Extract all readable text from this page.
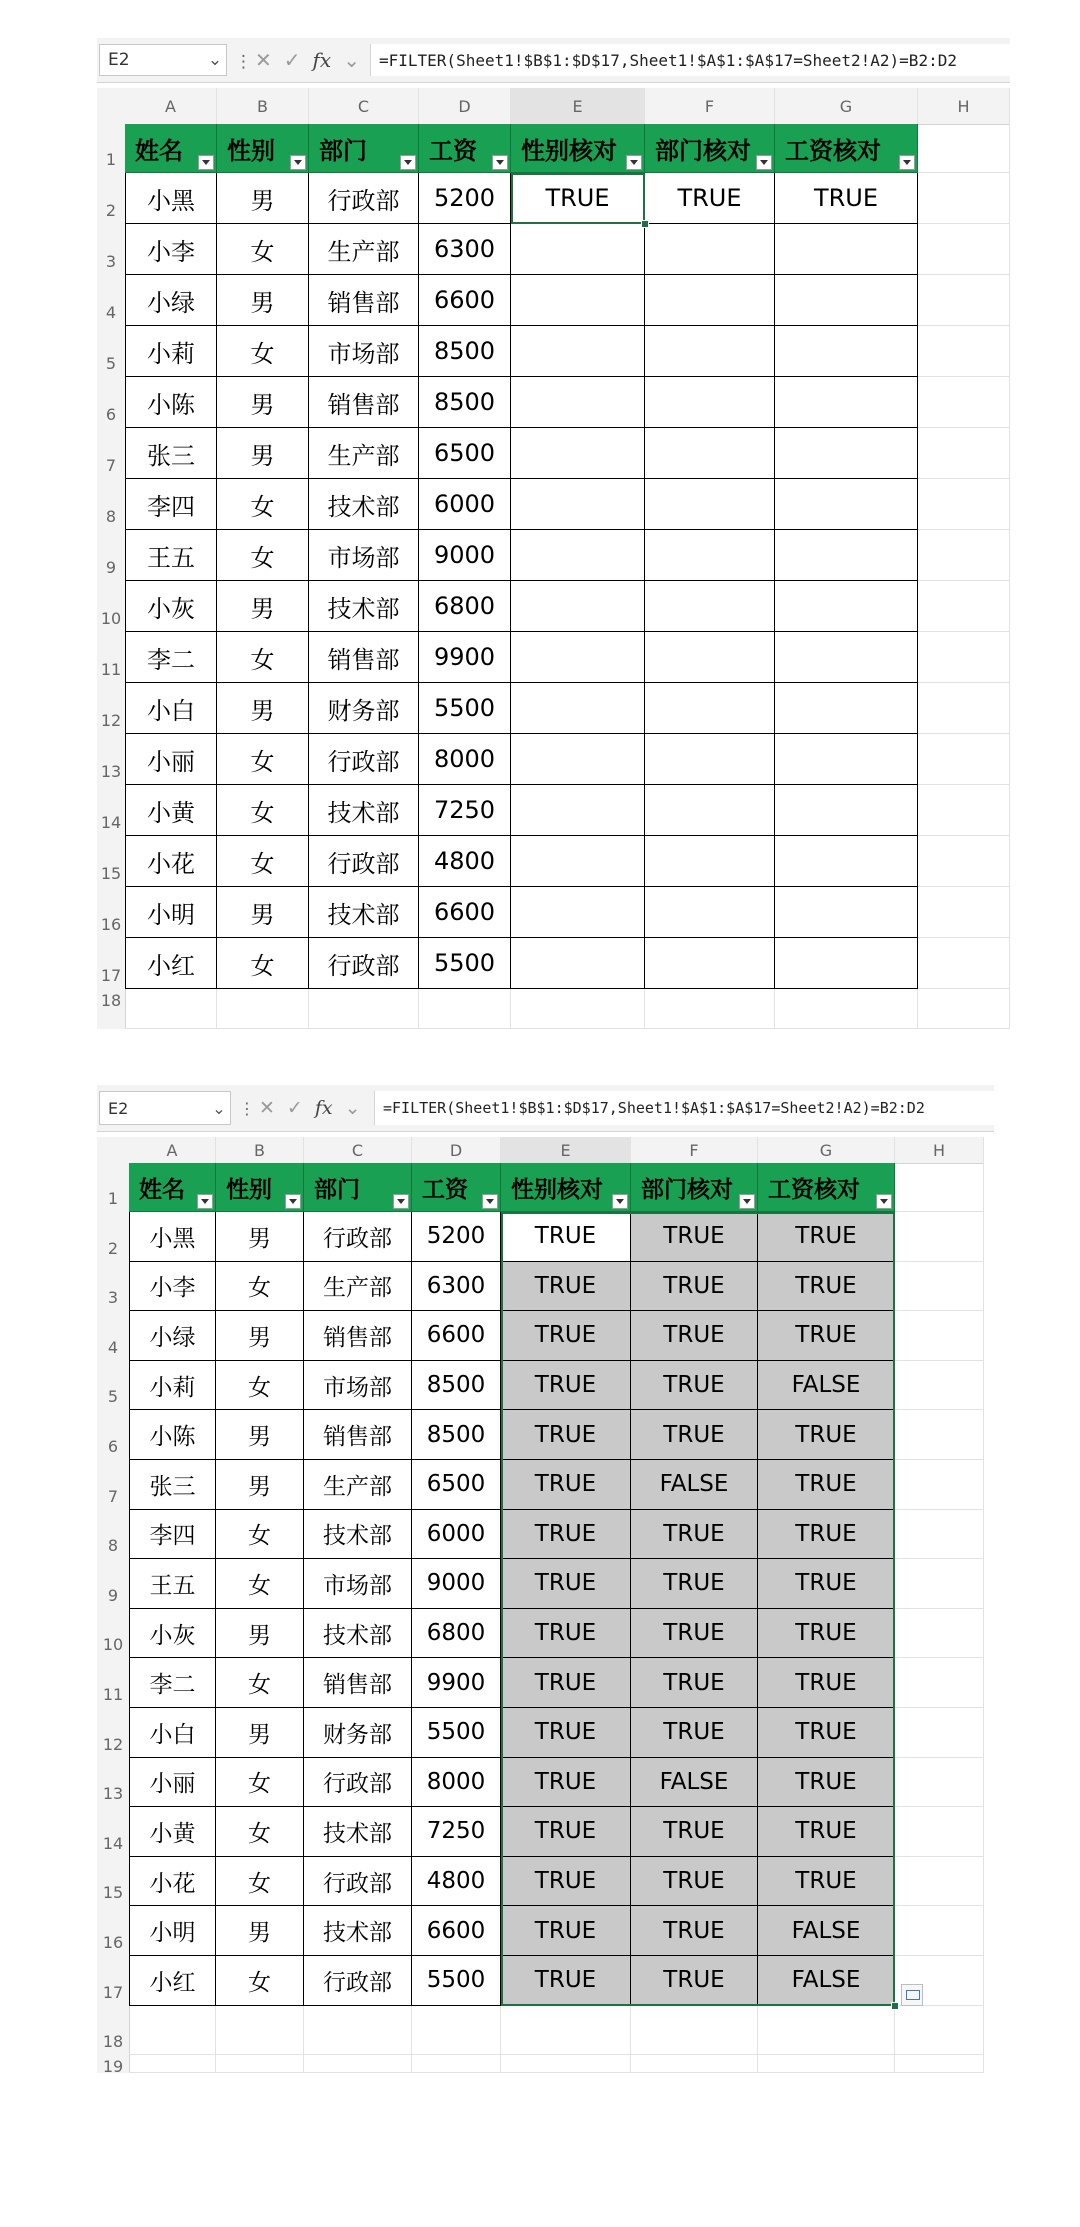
E2	⌄ ⋮ ✕ ✓ fx ⌄	=FILTER(Sheet1!$B$1:$D$17,Sheet1!$A$1:$A$17=Sheet2!A2)=B2:D2
A	B	C	D	E	F	G	H
1
2
3
4
5
6
7
8
9
10
11
12
13
14
15
16
17
18
姓名	性别	部门	工资	性别核对	部门核对	工资核对
小黑	男	行政部	5200	TRUE	TRUE	TRUE
小李	女	生产部	6300
小绿	男	销售部	6600
小莉	女	市场部	8500
小陈	男	销售部	8500
张三	男	生产部	6500
李四	女	技术部	6000
王五	女	市场部	9000
小灰	男	技术部	6800
李二	女	销售部	9900
小白	男	财务部	5500
小丽	女	行政部	8000
小黄	女	技术部	7250
小花	女	行政部	4800
小明	男	技术部	6600
小红	女	行政部	5500
E2	⌄ ⋮ ✕ ✓ fx ⌄	=FILTER(Sheet1!$B$1:$D$17,Sheet1!$A$1:$A$17=Sheet2!A2)=B2:D2
A	B	C	D	E	F	G	H
1
2
3
4
5
6
7
8
9
10
11
12
13
14
15
16
17
18
19
姓名	性别	部门	工资	性别核对	部门核对	工资核对
小黑	男	行政部	5200	TRUE	TRUE	TRUE
小李	女	生产部	6300	TRUE	TRUE	TRUE
小绿	男	销售部	6600	TRUE	TRUE	TRUE
小莉	女	市场部	8500	TRUE	TRUE	FALSE
小陈	男	销售部	8500	TRUE	TRUE	TRUE
张三	男	生产部	6500	TRUE	FALSE	TRUE
李四	女	技术部	6000	TRUE	TRUE	TRUE
王五	女	市场部	9000	TRUE	TRUE	TRUE
小灰	男	技术部	6800	TRUE	TRUE	TRUE
李二	女	销售部	9900	TRUE	TRUE	TRUE
小白	男	财务部	5500	TRUE	TRUE	TRUE
小丽	女	行政部	8000	TRUE	FALSE	TRUE
小黄	女	技术部	7250	TRUE	TRUE	TRUE
小花	女	行政部	4800	TRUE	TRUE	TRUE
小明	男	技术部	6600	TRUE	TRUE	FALSE
小红	女	行政部	5500	TRUE	TRUE	FALSE
